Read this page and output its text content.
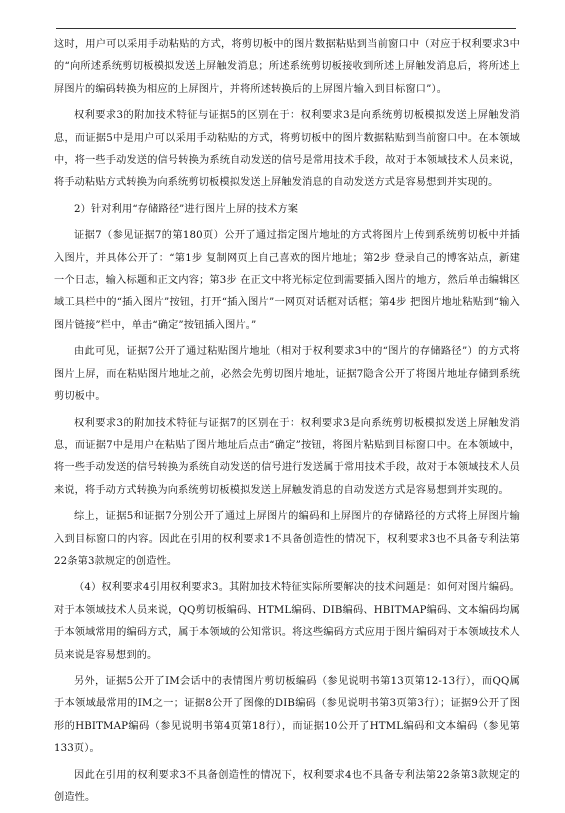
这时，用户可以采用手动粘贴的方式，将剪切板中的图片数据粘贴到当前窗口中（对应于权利要求3中的“向所述系统剪切板模拟发送上屏触发消息；所述系统剪切板接收到所述上屏触发消息后，将所述上屏图片的编码转换为相应的上屏图片，并将所述转换后的上屏图片输入到目标窗口”）。

权利要求3的附加技术特征与证据5的区别在于：权利要求3是向系统剪切板模拟发送上屏触发消息，而证据5中是用户可以采用手动粘贴的方式，将剪切板中的图片数据粘贴到当前窗口中。在本领域中，将一些手动发送的信号转换为系统自动发送的信号是常用技术手段，故对于本领域技术人员来说，将手动粘贴方式转换为向系统剪切板模拟发送上屏触发消息的自动发送方式是容易想到并实现的。

2）针对利用“存储路径”进行图片上屏的技术方案

证据7（参见证据7的第180页）公开了通过指定图片地址的方式将图片上传到系统剪切板中并插入图片，并具体公开了：“第1步 复制网页上自己喜欢的图片地址；第2步 登录自己的博客站点，新建一个日志，输入标题和正文内容；第3步 在正文中将光标定位到需要插入图片的地方，然后单击编辑区域工具栏中的“插入图片”按钮，打开“插入图片”一网页对话框对话框；第4步 把图片地址粘贴到“输入图片链接”栏中，单击“确定”按钮插入图片。”

由此可见，证据7公开了通过粘贴图片地址（相对于权利要求3中的“图片的存储路径”）的方式将图片上屏，而在粘贴图片地址之前，必然会先剪切图片地址，证据7隐含公开了将图片地址存储到系统剪切板中。

权利要求3的附加技术特征与证据7的区别在于：权利要求3是向系统剪切板模拟发送上屏触发消息，而证据7中是用户在粘贴了图片地址后点击“确定”按钮，将图片粘贴到目标窗口中。在本领域中，将一些手动发送的信号转换为系统自动发送的信号进行发送属于常用技术手段，故对于本领域技术人员来说，将手动方式转换为向系统剪切板模拟发送上屏触发消息的自动发送方式是容易想到并实现的。

综上，证据5和证据7分别公开了通过上屏图片的编码和上屏图片的存储路径的方式将上屏图片输入到目标窗口的内容。因此在引用的权利要求1不具备创造性的情况下，权利要求3也不具备专利法第22条第3款规定的创造性。

（4）权利要求4引用权利要求3。其附加技术特征实际所要解决的技术问题是：如何对图片编码。对于本领域技术人员来说，QQ剪切板编码、HTML编码、DIB编码、HBITMAP编码、文本编码均属于本领域常用的编码方式，属于本领域的公知常识。将这些编码方式应用于图片编码对于本领域技术人员来说是容易想到的。

另外，证据5公开了IM会话中的表情图片剪切板编码（参见说明书第13页第12-13行），而QQ属于本领域最常用的IM之一；证据8公开了图像的DIB编码（参见说明书第3页第3行）；证据9公开了图形的HBITMAP编码（参见说明书第4页第18行），而证据10公开了HTML编码和文本编码（参见第133页）。

因此在引用的权利要求3不具备创造性的情况下，权利要求4也不具备专利法第22条第3款规定的创造性。
